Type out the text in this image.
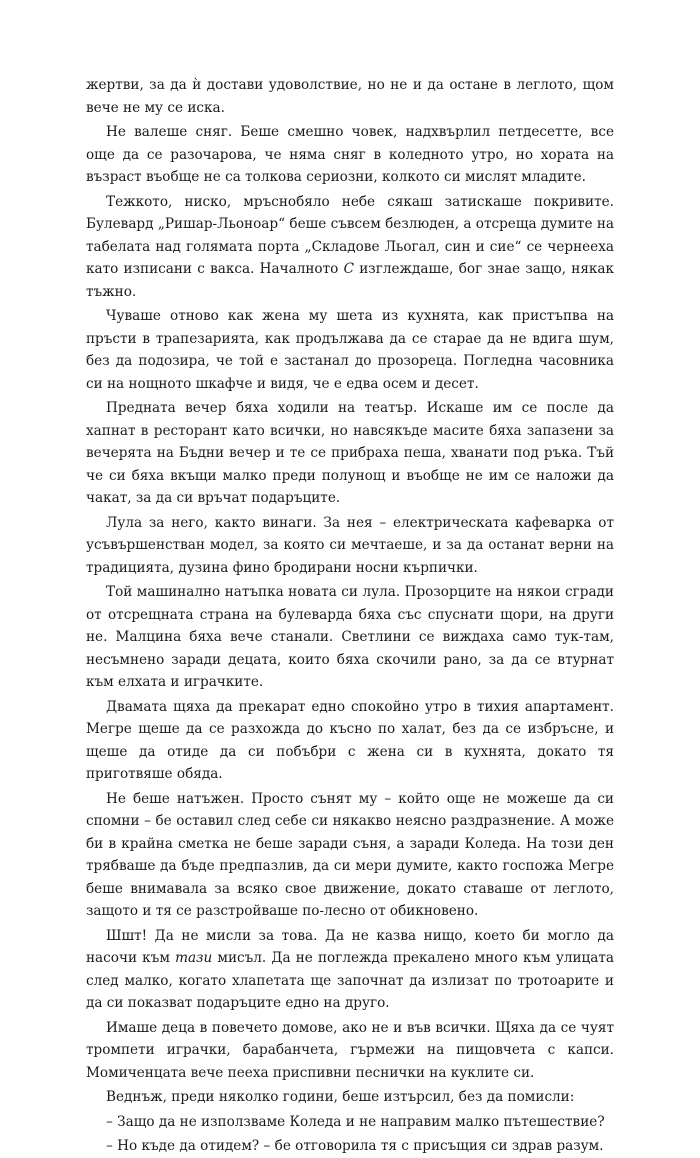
жертви, за да ѝ достави удоволствие, но не и да остане в леглото, щом вече не му се иска.

Не валеше сняг. Беше смешно човек, надхвърлил петдесетте, все още да се разочарова, че няма сняг в коледното утро, но хората на възраст въобще не са толкова сериозни, колкото си мислят младите.

Тежкото, ниско, мръснобяло небе сякаш затискаше покривите. Булевард „Ришар-Льоноар“ беше съвсем безлюден, а отсреща думите на табелата над голямата порта „Складове Льогал, син и сие“ се чернееха като изписани с вакса. Началното С изглеждаше, бог знае защо, някак тъжно.

Чуваше отново как жена му шета из кухнята, как пристъпва на пръсти в трапезарията, как продължава да се старае да не вдига шум, без да подозира, че той е застанал до прозореца. Погледна часовника си на нощното шкафче и видя, че е едва осем и десет.

Предната вечер бяха ходили на театър. Искаше им се после да хапнат в ресторант като всички, но навсякъде масите бяха запазени за вечерята на Бъдни вечер и те се прибраха пеша, хванати под ръка. Тъй че си бяха вкъщи малко преди полунощ и въобще не им се наложи да чакат, за да си връчат подаръците.

Лула за него, както винаги. За нея – електрическата кафеварка от усъвършенстван модел, за която си мечтаеше, и за да останат верни на традицията, дузина фино бродирани носни кърпички.

Той машинално натъпка новата си лула. Прозорците на някои сгради от отсрещната страна на булеварда бяха със спуснати щори, на други не. Малцина бяха вече станали. Светлини се виждаха само тук-там, несъмнено заради децата, които бяха скочили рано, за да се втурнат към елхата и играчките.

Двамата щяха да прекарат едно спокойно утро в тихия апартамент. Мегре щеше да се разхожда до късно по халат, без да се избръсне, и щеше да отиде да си побъбри с жена си в кухнята, докато тя приготвяше обяда.

Не беше натъжен. Просто сънят му – който още не можеше да си спомни – бе оставил след себе си някакво неясно раздразнение. А може би в крайна сметка не беше заради съня, а заради Коледа. На този ден трябваше да бъде предпазлив, да си мери думите, както госпожа Мегре беше внимавала за всяко свое движение, докато ставаше от леглото, защото и тя се разстройваше по-лесно от обикновено.

Шшт! Да не мисли за това. Да не казва нищо, което би могло да насочи към тази мисъл. Да не поглежда прекалено много към улицата след малко, когато хлапетата ще започнат да излизат по тротоарите и да си показват подаръците едно на друго.

Имаше деца в повечето домове, ако не и във всички. Щяха да се чуят тромпети играчки, барабанчета, гърмежи на пищовчета с капси. Момиченцата вече пееха приспивни песнички на куклите си.

Веднъж, преди няколко години, беше изтърсил, без да помисли:

– Защо да не използваме Коледа и не направим малко пътешествие?

– Но къде да отидем? – бе отговорила тя с присъщия си здрав разум.
